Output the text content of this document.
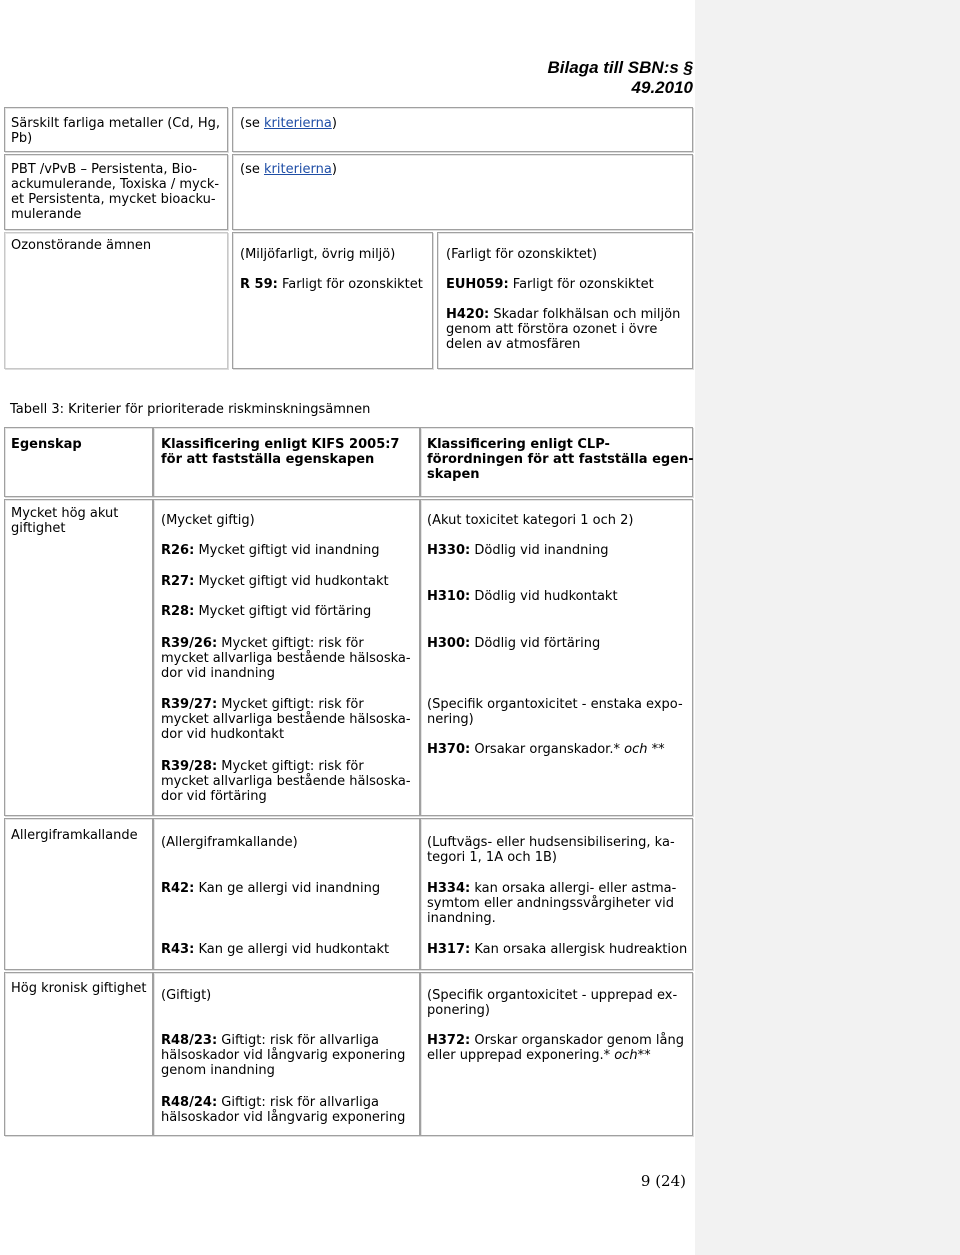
Bilaga till SBN:s § 49.2010
Särskilt farliga metaller (Cd, Hg, Pb)
(se kriterierna)
PBT /vPvB – Persistenta, Bio-
ackumulerande, Toxiska / myck-
et Persistenta, mycket bioacku-
mulerande
(se kriterierna)
Ozonstörande ämnen
(Miljöfarligt, övrig miljö)
R 59: Farligt för ozonskiktet
(Farligt för ozonskiktet)
EUH059: Farligt för ozonskiktet
H420: Skadar folkhälsan och miljön
genom att förstöra ozonet i övre
delen av atmosfären
Tabell 3: Kriterier för prioriterade riskminskningsämnen
Egenskap	Klassificering enligt KIFS 2005:7
för att fastställa egenskapen
Klassificering enligt CLP-
förordningen för att fastställa egen-
skapen
Mycket hög akut
giftighet
(Mycket giftig)
R26: Mycket giftigt vid inandning
R27: Mycket giftigt vid hudkontakt
R28: Mycket giftigt vid förtäring
R39/26: Mycket giftigt: risk för
mycket allvarliga bestående hälsoska-
dor vid inandning
R39/27: Mycket giftigt: risk för
mycket allvarliga bestående hälsoska-
dor vid hudkontakt
R39/28: Mycket giftigt: risk för
mycket allvarliga bestående hälsoska-
dor vid förtäring
(Akut toxicitet kategori 1 och 2)
H330: Dödlig vid inandning
H310: Dödlig vid hudkontakt
H300: Dödlig vid förtäring
(Specifik organtoxicitet - enstaka expo-
nering)
H370: Orsakar organskador.* och **
Allergiframkallande (Allergiframkallande)
R42: Kan ge allergi vid inandning
R43: Kan ge allergi vid hudkontakt
(Luftvägs- eller hudsensibilisering, ka-
tegori 1, 1A och 1B)
H334: kan orsaka allergi- eller astma-
symtom eller andningssvårgiheter vid
inandning.
H317: Kan orsaka allergisk hudreaktion
Hög kronisk giftighet (Giftigt)
R48/23: Giftigt: risk för allvarliga
hälsoskador vid långvarig exponering
genom inandning
R48/24: Giftigt: risk för allvarliga
hälsoskador vid långvarig exponering
(Specifik organtoxicitet - upprepad ex-
ponering)
H372: Orskar organskador genom lång
eller upprepad exponering.* och**
9 (24)
